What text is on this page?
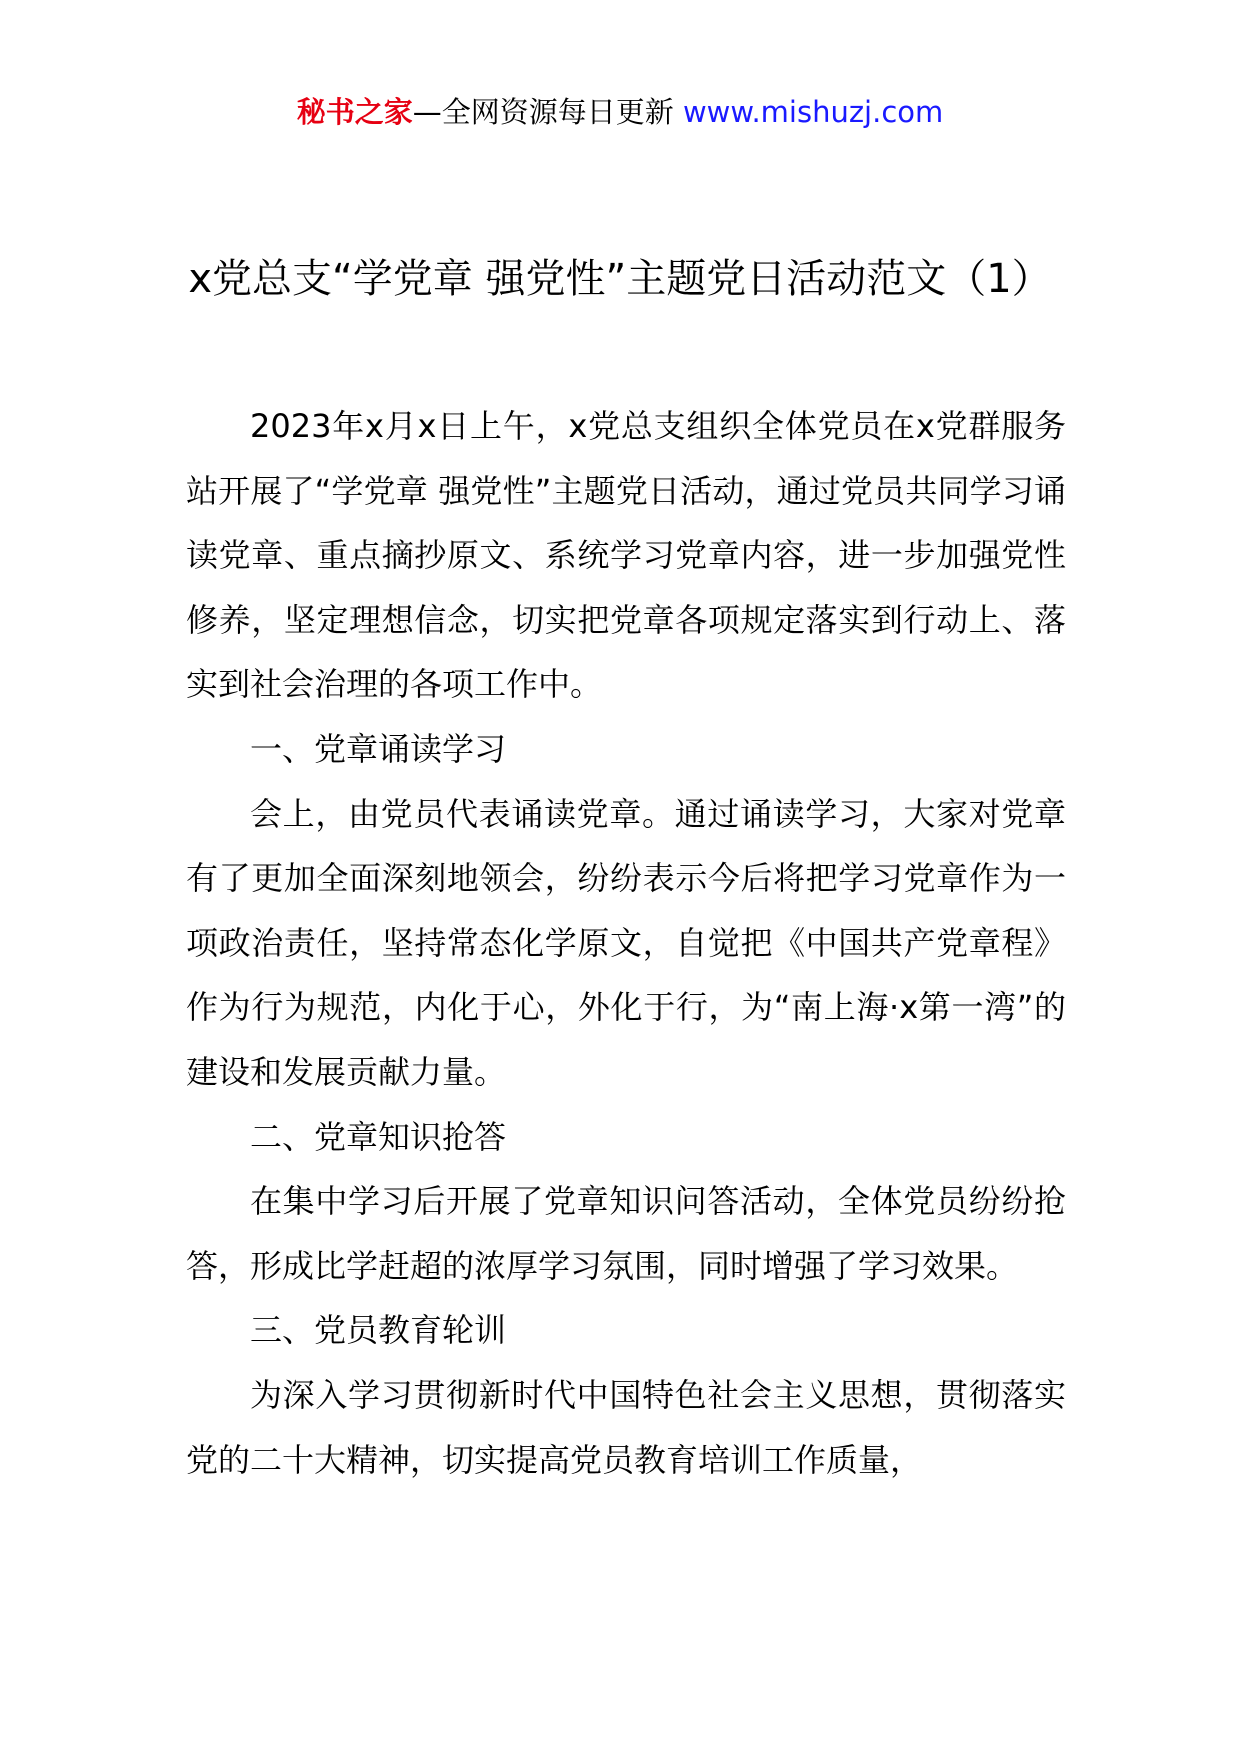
秘书之家—全网资源每日更新 www.mishuzj.com
x党总支“学党章 强党性”主题党日活动范文（1）

2023年x月x日上午，x党总支组织全体党员在x党群服务站开展了“学党章 强党性”主题党日活动，通过党员共同学习诵读党章、重点摘抄原文、系统学习党章内容，进一步加强党性修养，坚定理想信念，切实把党章各项规定落实到行动上、落实到社会治理的各项工作中。

一、党章诵读学习

会上，由党员代表诵读党章。通过诵读学习，大家对党章有了更加全面深刻地领会，纷纷表示今后将把学习党章作为一项政治责任，坚持常态化学原文，自觉把《中国共产党章程》作为行为规范，内化于心，外化于行，为“南上海·x第一湾”的建设和发展贡献力量。

二、党章知识抢答

在集中学习后开展了党章知识问答活动，全体党员纷纷抢答，形成比学赶超的浓厚学习氛围，同时增强了学习效果。

三、党员教育轮训

为深入学习贯彻新时代中国特色社会主义思想，贯彻落实党的二十大精神，切实提高党员教育培训工作质量，
